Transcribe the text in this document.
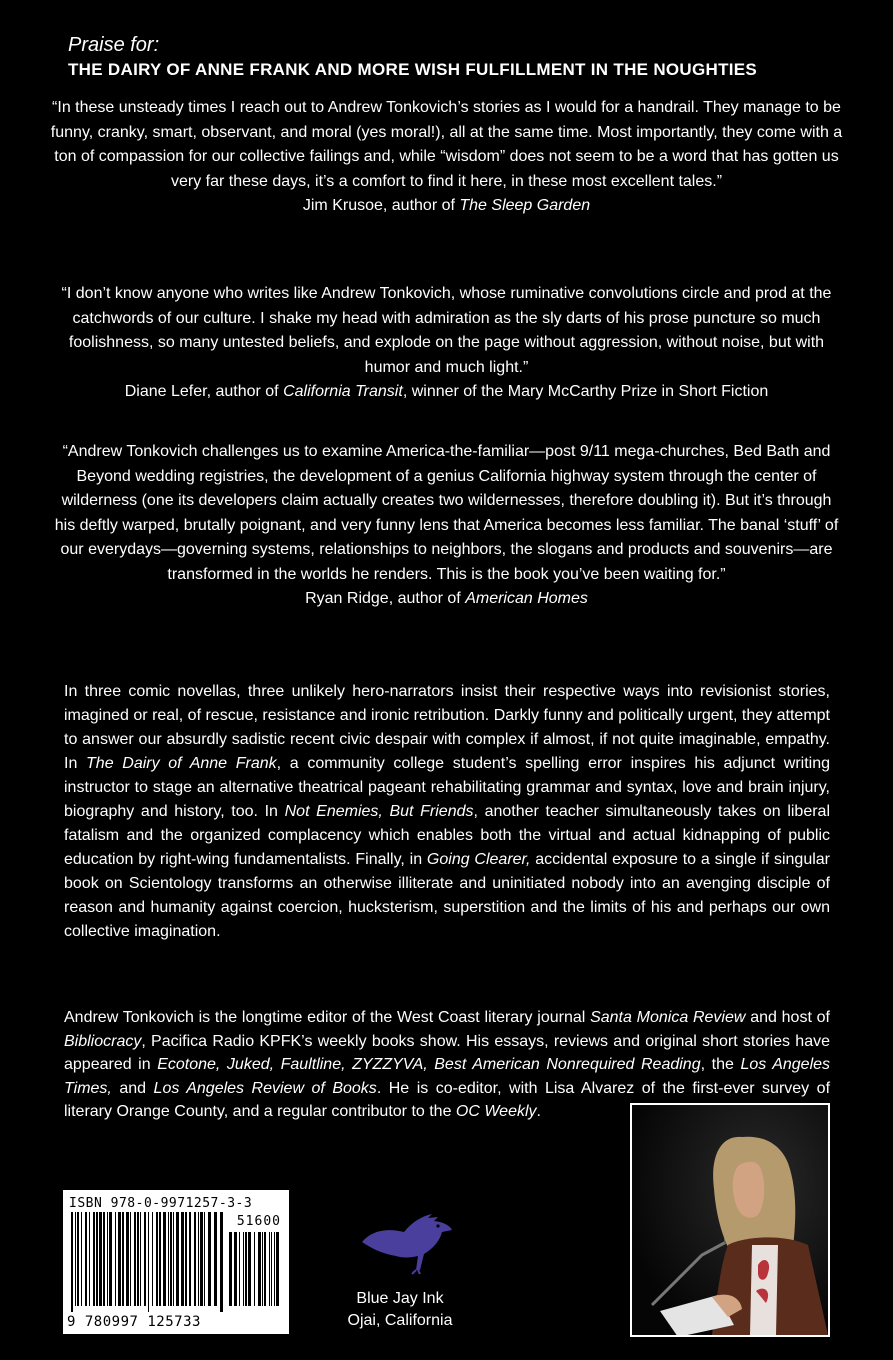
Praise for:
THE DAIRY OF ANNE FRANK AND MORE WISH FULFILLMENT IN THE NOUGHTIES
“In these unsteady times I reach out to Andrew Tonkovich’s stories as I would for a handrail. They manage to be funny, cranky, smart, observant, and moral (yes moral!), all at the same time. Most importantly, they come with a ton of compassion for our collective failings and, while “wisdom” does not seem to be a word that has gotten us very far these days, it’s a comfort to find it here, in these most excellent tales.”
Jim Krusoe, author of The Sleep Garden
“I don’t know anyone who writes like Andrew Tonkovich, whose ruminative convolutions circle and prod at the catchwords of our culture. I shake my head with admiration as the sly darts of his prose puncture so much foolishness, so many untested beliefs, and explode on the page without aggression, without noise, but with humor and much light.”
Diane Lefer, author of California Transit, winner of the Mary McCarthy Prize in Short Fiction
“Andrew Tonkovich challenges us to examine America-the-familiar—post 9/11 mega-churches, Bed Bath and Beyond wedding registries, the development of a genius California highway system through the center of wilderness (one its developers claim actually creates two wildernesses, therefore doubling it). But it’s through his deftly warped, brutally poignant, and very funny lens that America becomes less familiar. The banal ‘stuff’ of our everydays—governing systems, relationships to neighbors, the slogans and products and souvenirs—are transformed in the worlds he renders. This is the book you’ve been waiting for.”
Ryan Ridge, author of American Homes
In three comic novellas, three unlikely hero-narrators insist their respective ways into revisionist stories, imagined or real, of rescue, resistance and ironic retribution. Darkly funny and politically urgent, they attempt to answer our absurdly sadistic recent civic despair with complex if almost, if not quite imaginable, empathy. In The Dairy of Anne Frank, a community college student’s spelling error inspires his adjunct writing instructor to stage an alternative theatrical pageant rehabilitating grammar and syntax, love and brain injury, biography and history, too. In Not Enemies, But Friends, another teacher simultaneously takes on liberal fatalism and the organized complacency which enables both the virtual and actual kidnapping of public education by right-wing fundamentalists. Finally, in Going Clearer, accidental exposure to a single if singular book on Scientology transforms an otherwise illiterate and uninitiated nobody into an avenging disciple of reason and humanity against coercion, hucksterism, superstition and the limits of his and perhaps our own collective imagination.
Andrew Tonkovich is the longtime editor of the West Coast literary journal Santa Monica Review and host of Bibliocracy, Pacifica Radio KPFK’s weekly books show. His essays, reviews and original short stories have appeared in Ecotone, Juked, Faultline, ZYZZYVA, Best American Nonrequired Reading, the Los Angeles Times, and Los Angeles Review of Books. He is co-editor, with Lisa Alvarez of the first-ever survey of literary Orange County, and a regular contributor to the OC Weekly.
ISBN 978-0-9971257-3-3
51600
9 780997 125733
Blue Jay Ink
Ojai, California
